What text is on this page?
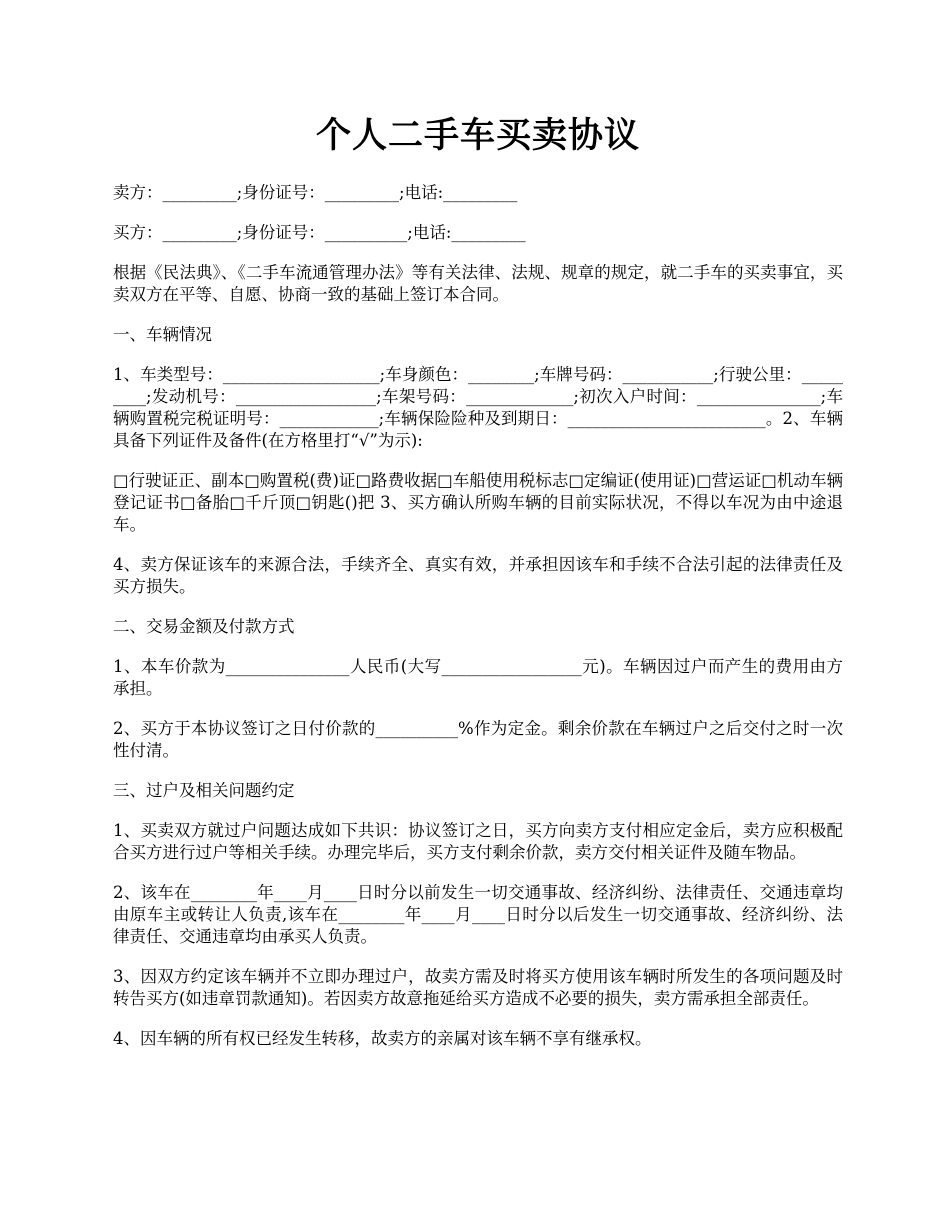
个人二手车买卖协议

卖方：_________;身份证号：_________;电话:_________

买方：_________;身份证号：__________;电话:_________

根据《民法典》、《二手车流通管理办法》等有关法律、法规、规章的规定，就二手车的买卖事宜，买卖双方在平等、自愿、协商一致的基础上签订本合同。

一、车辆情况

1、车类型号：___________________;车身颜色：________;车牌号码：___________;行驶公里：_________;发动机号：_________________;车架号码：_____________;初次入户时间：_______________;车辆购置税完税证明号：____________;车辆保险险种及到期日：________________________。2、车辆具备下列证件及备件(在方格里打“√”为示):

□行驶证正、副本□购置税(费)证□路费收据□车船使用税标志□定编证(使用证)□营运证□机动车辆登记证书□备胎□千斤顶□钥匙()把 3、买方确认所购车辆的目前实际状况，不得以车况为由中途退车。

4、卖方保证该车的来源合法，手续齐全、真实有效，并承担因该车和手续不合法引起的法律责任及买方损失。

二、交易金额及付款方式

1、本车价款为_______________人民币(大写_________________元)。车辆因过户而产生的费用由方承担。

2、买方于本协议签订之日付价款的__________%作为定金。剩余价款在车辆过户之后交付之时一次性付清。

三、过户及相关问题约定

1、买卖双方就过户问题达成如下共识：协议签订之日，买方向卖方支付相应定金后，卖方应积极配合买方进行过户等相关手续。办理完毕后，买方支付剩余价款，卖方交付相关证件及随车物品。

2、该车在________年____月____日时分以前发生一切交通事故、经济纠纷、法律责任、交通违章均由原车主或转让人负责,该车在________年____月____日时分以后发生一切交通事故、经济纠纷、法律责任、交通违章均由承买人负责。

3、因双方约定该车辆并不立即办理过户，故卖方需及时将买方使用该车辆时所发生的各项问题及时转告买方(如违章罚款通知)。若因卖方故意拖延给买方造成不必要的损失，卖方需承担全部责任。

4、因车辆的所有权已经发生转移，故卖方的亲属对该车辆不享有继承权。
